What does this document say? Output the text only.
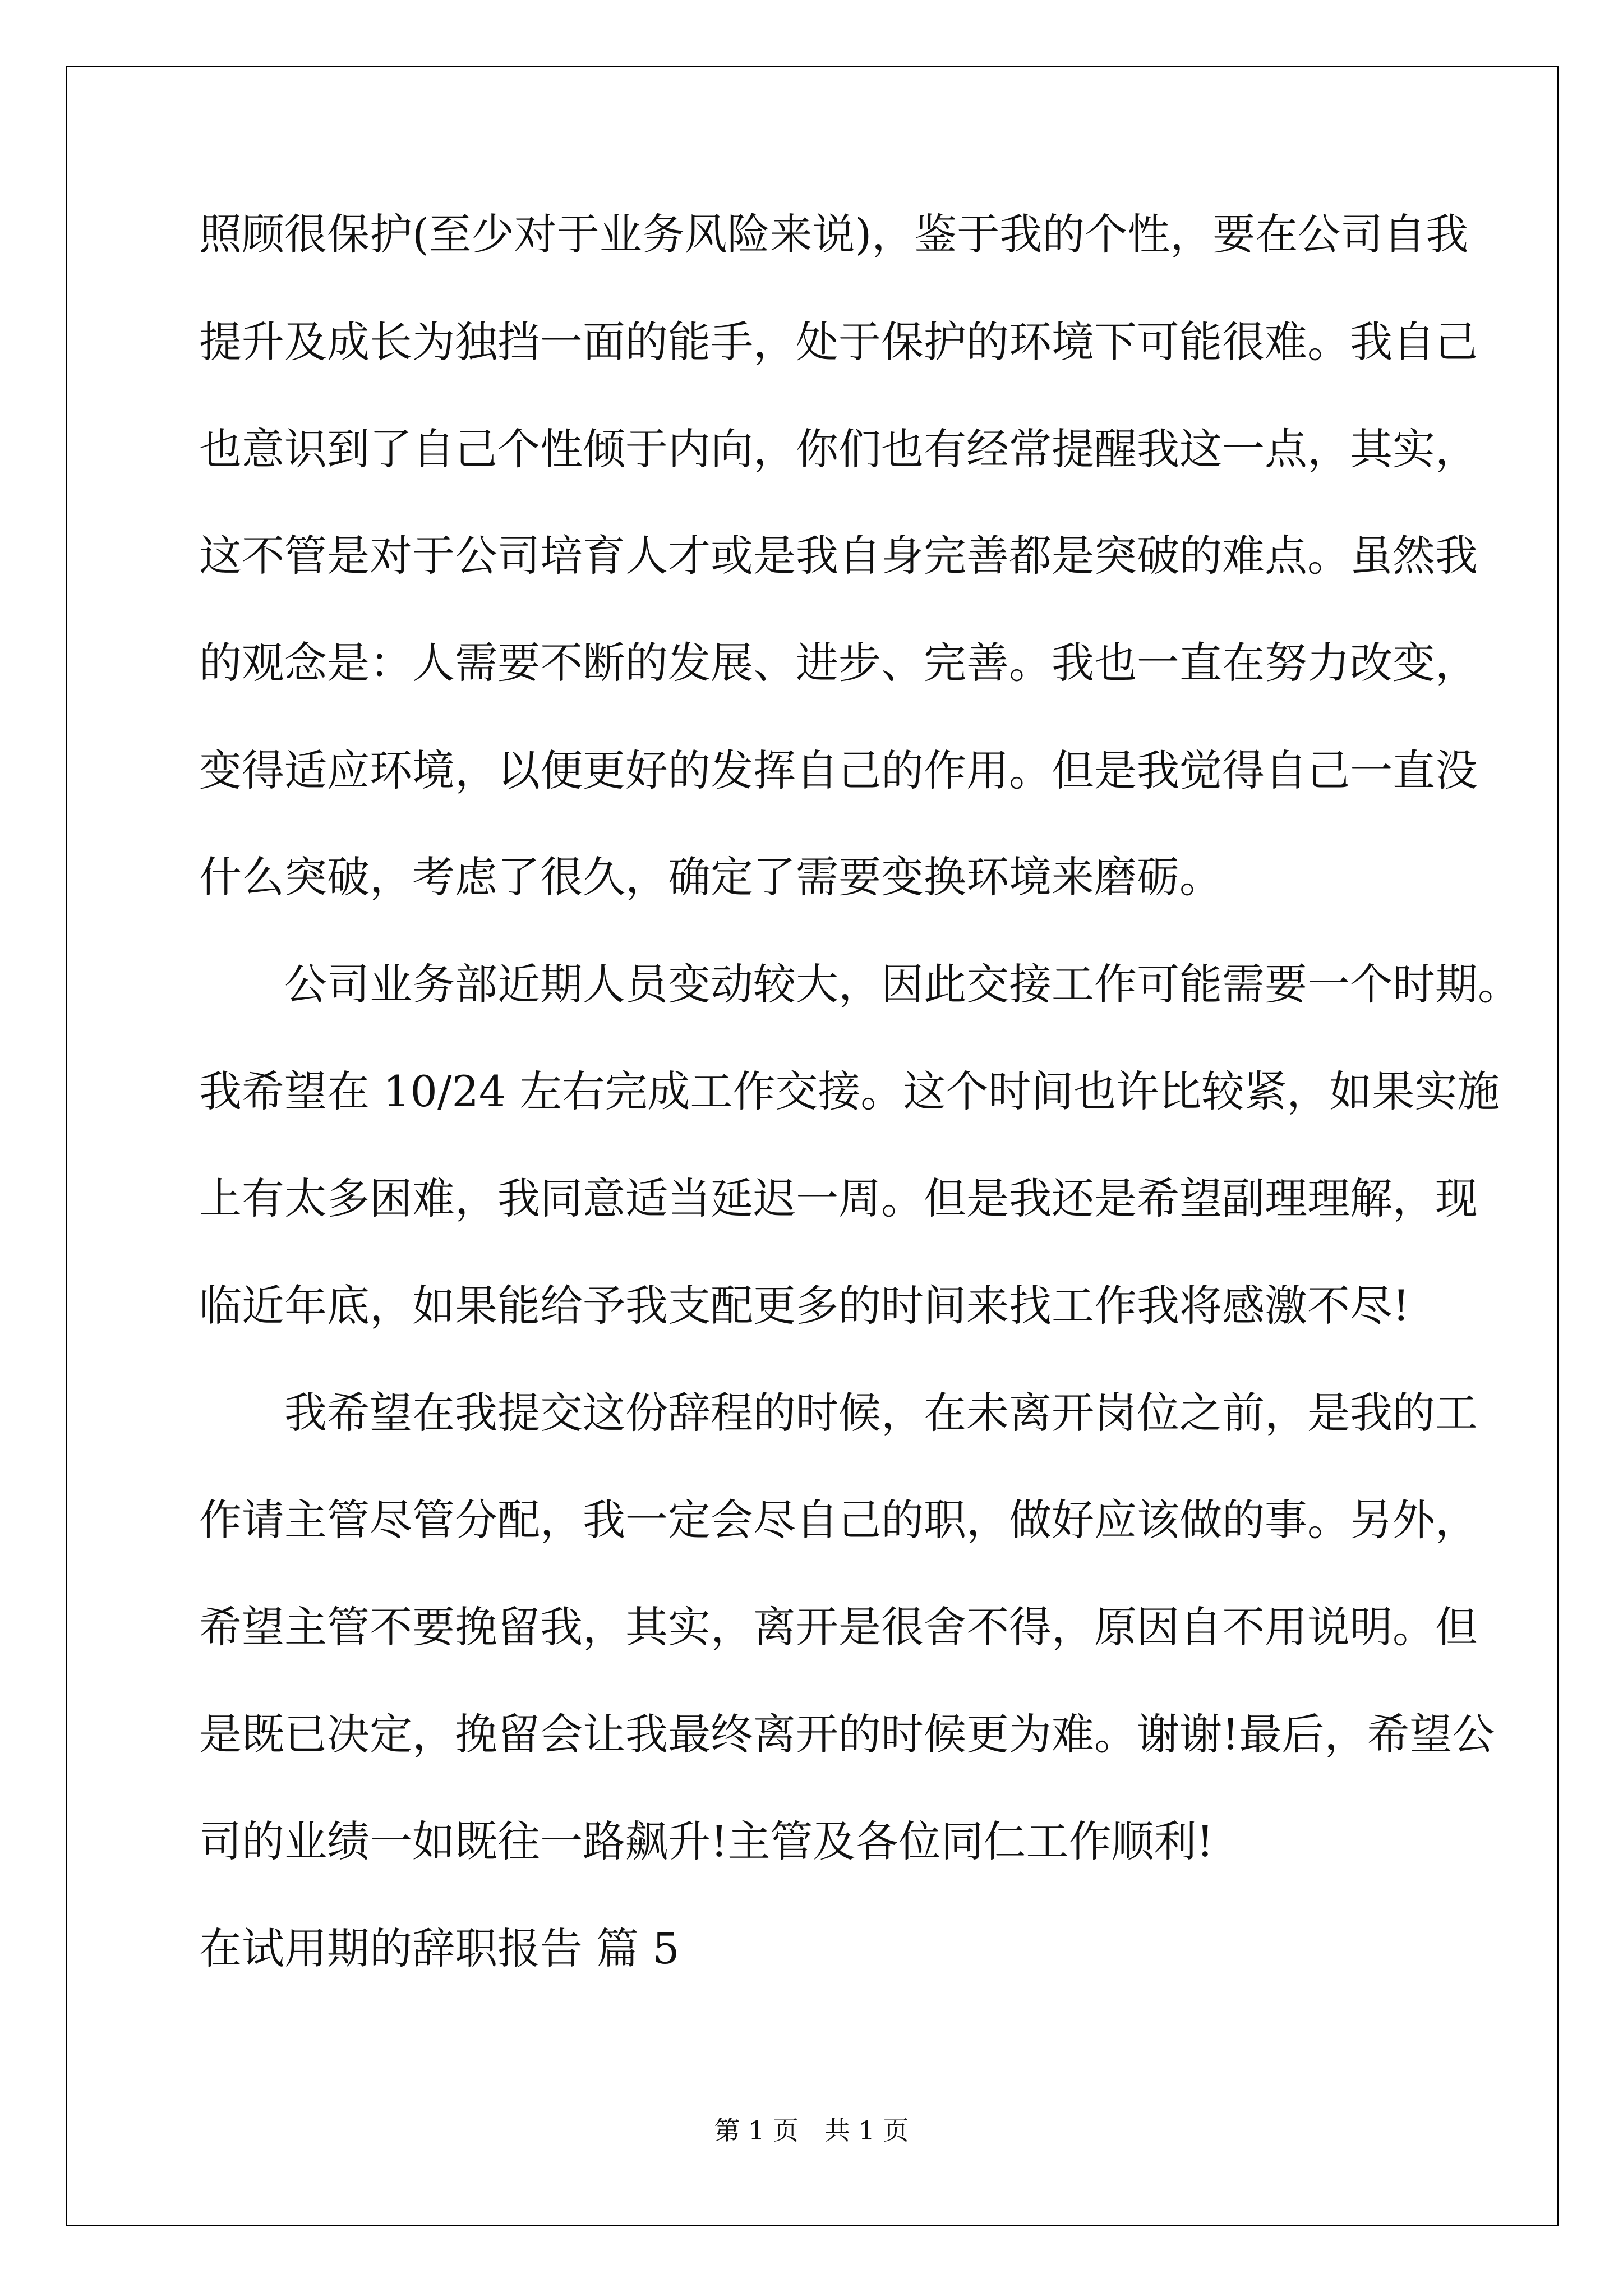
照顾很保护(至少对于业务风险来说)，鉴于我的个性，要在公司自我
提升及成长为独挡一面的能手，处于保护的环境下可能很难。我自己
也意识到了自己个性倾于内向，你们也有经常提醒我这一点，其实，
这不管是对于公司培育人才或是我自身完善都是突破的难点。虽然我
的观念是：人需要不断的发展、进步、完善。我也一直在努力改变，
变得适应环境，以便更好的发挥自己的作用。但是我觉得自己一直没
什么突破，考虑了很久，确定了需要变换环境来磨砺。
　　公司业务部近期人员变动较大，因此交接工作可能需要一个时期。
我希望在 10/24 左右完成工作交接。这个时间也许比较紧，如果实施
上有太多困难，我同意适当延迟一周。但是我还是希望副理理解，现
临近年底，如果能给予我支配更多的时间来找工作我将感激不尽!
　　我希望在我提交这份辞程的时候，在未离开岗位之前，是我的工
作请主管尽管分配，我一定会尽自己的职，做好应该做的事。另外，
希望主管不要挽留我，其实，离开是很舍不得，原因自不用说明。但
是既已决定，挽留会让我最终离开的时候更为难。谢谢!最后，希望公
司的业绩一如既往一路飙升!主管及各位同仁工作顺利!
在试用期的辞职报告 篇 5
第 1 页　共 1 页
